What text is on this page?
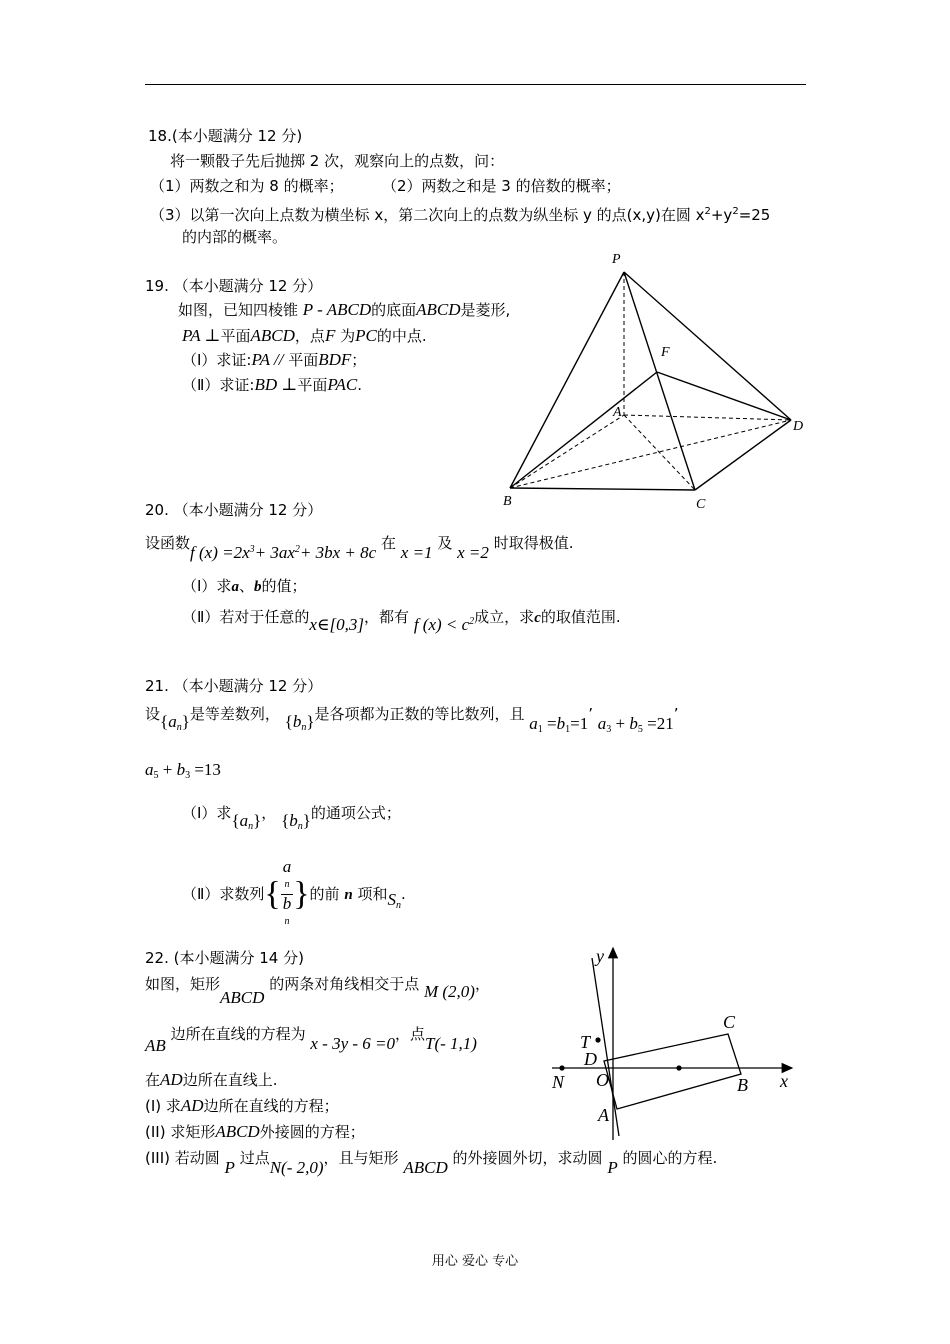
18.(本小题满分 12 分)
将一颗骰子先后抛掷 2 次，观察向上的点数，问：
（1）两数之和为 8 的概率；	（2）两数之和是 3 的倍数的概率；
（3）以第一次向上点数为横坐标 x，第二次向上的点数为纵坐标 y 的点(x,y)在圆 $x^2+y^2=25$
的内部的概率。
19. （本小题满分 12 分）
如图，已知四棱锥 P - ABCD的底面ABCD是菱形,
PA ⊥平面ABCD，点F 为PC的中点.
（Ⅰ）求证:PA // 平面BDF；
（Ⅱ）求证:BD ⊥平面PAC.
P
F
A
D
B	C
20. （本小题满分 12 分）
设函数f $(x) =2x^3+ 3ax^2+ 3bx + 8c$ 在 x =1 及 x =2 时取得极值.
（Ⅰ）求a、b的值；
（Ⅱ）若对于任意的x∈[0,3]，都有 f $(x) < c^2$成立，求c的取值范围.
21. （本小题满分 12 分）
设$\{a_n\}$是等差数列， $\{b_n\}$是各项都为正数的等比数列，且 $a_1 =b_1=1$’ $a_3 + b_5 =21$’
$a_5 + b_3 =13$
（Ⅰ）求$\{a_n\}$， $\{b_n\}$的通项公式；
（Ⅱ）求数列{ a
n
b
n }的前 n 项和$S_n$.
22. (本小题满分 14 分)
如图，矩形ABCD 的两条对角线相交于点 M (2,0)，
AB 边所在直线的方程为 x - 3y - 6 =0，点T(- 1,1)
在AD边所在直线上.
(I) 求AD边所在直线的方程；
(II) 求矩形ABCD外接圆的方程；
(III) 若动圆 P 过点N(- 2,0)，且与矩形 ABCD 的外接圆外切，求动圆 P 的圆心的方程.
y
x
C
T
D
N O	B
A
用心 爱心 专心
